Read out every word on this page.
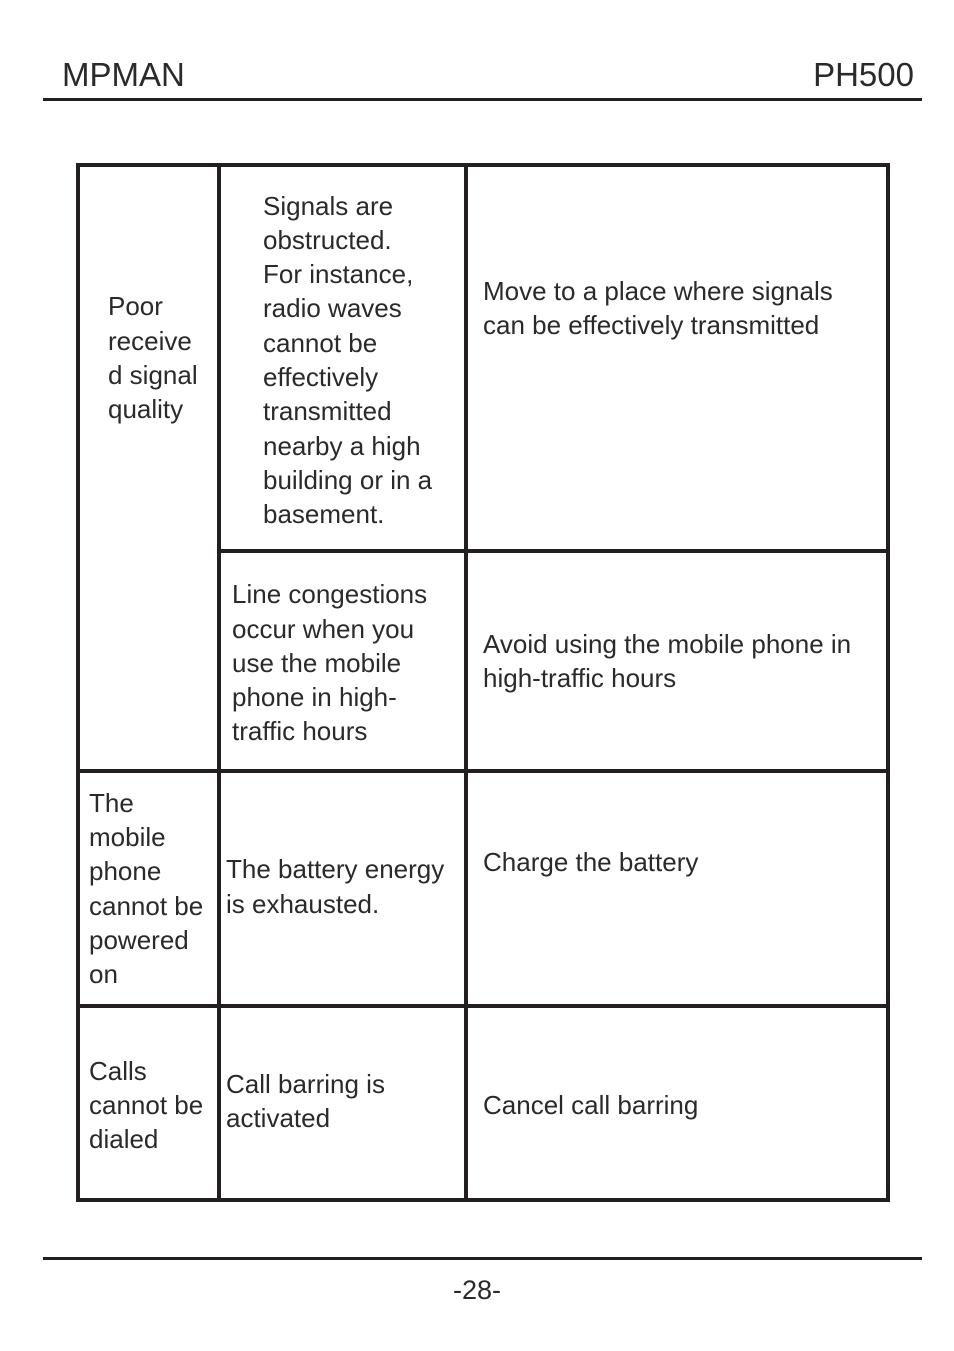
MPMAN	PH500
Poor
receive
d signal
quality
Signals are
obstructed.
For instance,
radio waves
cannot be
effectively
transmitted
nearby a high
building or in a
basement.
Move to a place where signals
can be effectively transmitted
Line congestions
occur when you
use the mobile
phone in high-
traffic hours
Avoid using the mobile phone in
high-traffic hours
The
mobile
phone
cannot be
powered
on
The battery energy
is exhausted.
Charge the battery
Calls
cannot be
dialed
Call barring is
activated	Cancel call barring
-28-
